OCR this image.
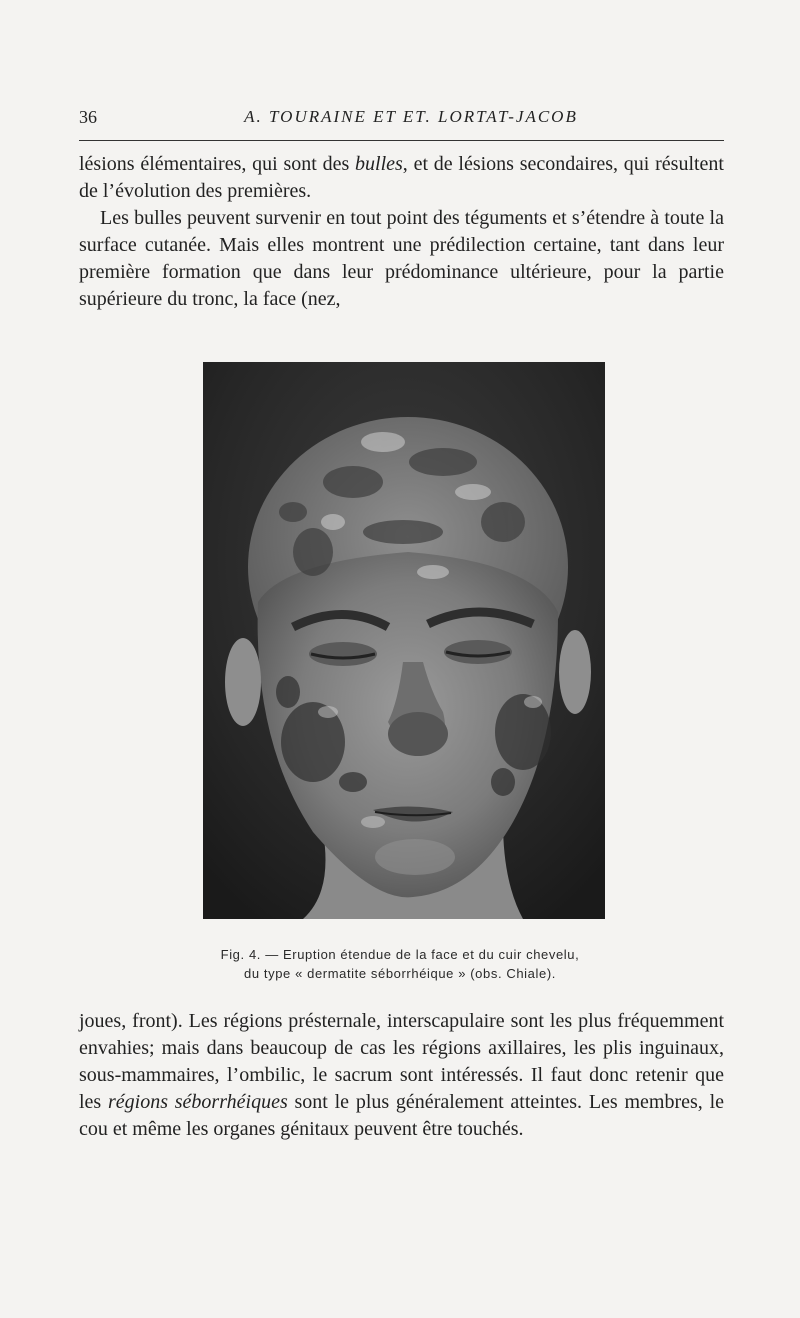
36	A. TOURAINE ET ET. LORTAT-JACOB

lésions élémentaires, qui sont des bulles, et de lésions secondaires, qui résultent de l’évolution des premières.

Les bulles peuvent survenir en tout point des téguments et s’étendre à toute la surface cutanée. Mais elles montrent une prédilection certaine, tant dans leur première formation que dans leur prédominance ultérieure, pour la partie supérieure du tronc, la face (nez,

Fig. 4. — Eruption étendue de la face et du cuir chevelu,
du type « dermatite séborrhéique » (obs. Chiale).

joues, front). Les régions présternale, interscapulaire sont les plus fréquemment envahies; mais dans beaucoup de cas les régions axillaires, les plis inguinaux, sous-mammaires, l’ombilic, le sacrum sont intéressés. Il faut donc retenir que les régions séborrhéiques sont le plus généralement atteintes. Les membres, le cou et même les organes génitaux peuvent être touchés.
